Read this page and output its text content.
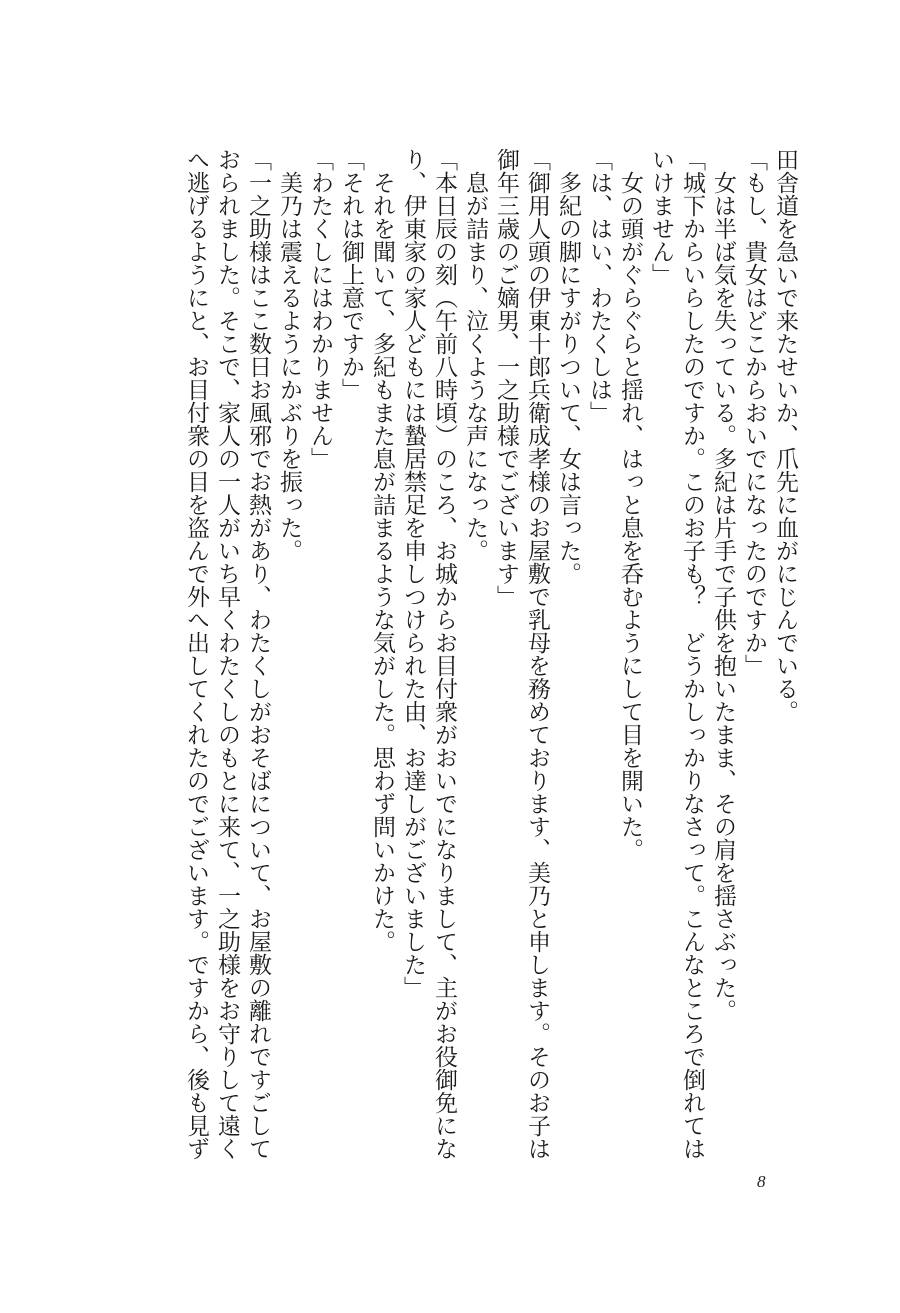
田舎道を急いで来たせいか、爪先に血がにじんでいる。

「もし、貴女はどこからおいでになったのですか」

　女は半ば気を失っている。多紀は片手で子供を抱いたまま、その肩を揺さぶった。

「城下からいらしたのですか。このお子も？　どうかしっかりなさって。こんなところで倒れては

いけません」

　女の頭がぐらぐらと揺れ、はっと息を呑むようにして目を開いた。

「は、はい、わたくしは」

　多紀の脚にすがりついて、女は言った。

「御用人頭の伊東十郎兵衛成孝様のお屋敷で乳母を務めております、美乃と申します。そのお子は

御年三歳のご嫡男、一之助様でございます」

　息が詰まり、泣くような声になった。

「本日辰の刻（午前八時頃）のころ、お城からお目付衆がおいでになりまして、主がお役御免にな

り、伊東家の家人どもには蟄居禁足を申しつけられた由、お達しがございました」

　それを聞いて、多紀もまた息が詰まるような気がした。思わず問いかけた。

「それは御上意ですか」

「わたくしにはわかりません」

　美乃は震えるようにかぶりを振った。

「一之助様はここ数日お風邪でお熱があり、わたくしがおそばについて、お屋敷の離れですごして

おられました。そこで、家人の一人がいち早くわたくしのもとに来て、一之助様をお守りして遠く

へ逃げるようにと、お目付衆の目を盗んで外へ出してくれたのでございます。ですから、後も見ず

8
